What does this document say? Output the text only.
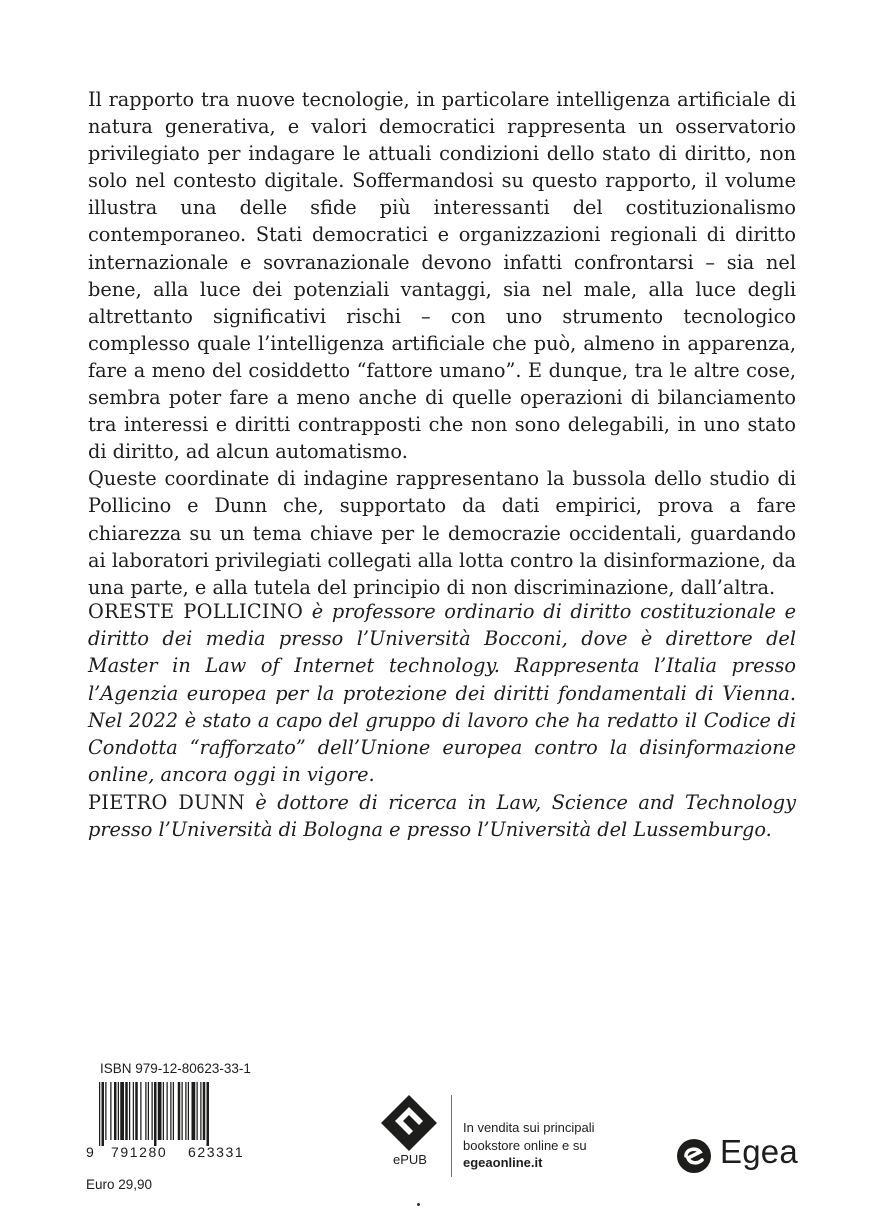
Il rapporto tra nuove tecnologie, in particolare intelligenza artificiale di natura generativa, e valori democratici rappresenta un osservatorio privilegiato per indagare le attuali condizioni dello stato di diritto, non solo nel contesto digitale. Soffermandosi su questo rapporto, il volume illustra una delle sfide più interessanti del costituzionalismo contemporaneo. Stati democratici e organizzazioni regionali di diritto internazionale e sovranazionale devono infatti confrontarsi – sia nel bene, alla luce dei potenziali vantaggi, sia nel male, alla luce degli altrettanto significativi rischi – con uno strumento tecnologico complesso quale l’intelligenza artificiale che può, almeno in apparenza, fare a meno del cosiddetto “fattore umano”. E dunque, tra le altre cose, sembra poter fare a meno anche di quelle operazioni di bilanciamento tra interessi e diritti contrapposti che non sono delegabili, in uno stato di diritto, ad alcun automatismo.

Queste coordinate di indagine rappresentano la bussola dello studio di Pollicino e Dunn che, supportato da dati empirici, prova a fare chiarezza su un tema chiave per le democrazie occidentali, guardando ai laboratori privilegiati collegati alla lotta contro la disinformazione, da una parte, e alla tutela del principio di non discriminazione, dall’altra.

ORESTE POLLICINO è professore ordinario di diritto costituzionale e diritto dei media presso l’Università Bocconi, dove è direttore del Master in Law of Internet technology. Rappresenta l’Italia presso l’Agenzia europea per la protezione dei diritti fondamentali di Vienna. Nel 2022 è stato a capo del gruppo di lavoro che ha redatto il Codice di Condotta “rafforzato” dell’Unione europea contro la disinformazione online, ancora oggi in vigore.

PIETRO DUNN è dottore di ricerca in Law, Science and Technology presso l’Università di Bologna e presso l’Università del Lussemburgo.

ISBN 979-12-80623-33-1
9 791280 623331
Euro 29,90
ePUB
In vendita sui principali
bookstore online e su
egeaonline.it	Egea
